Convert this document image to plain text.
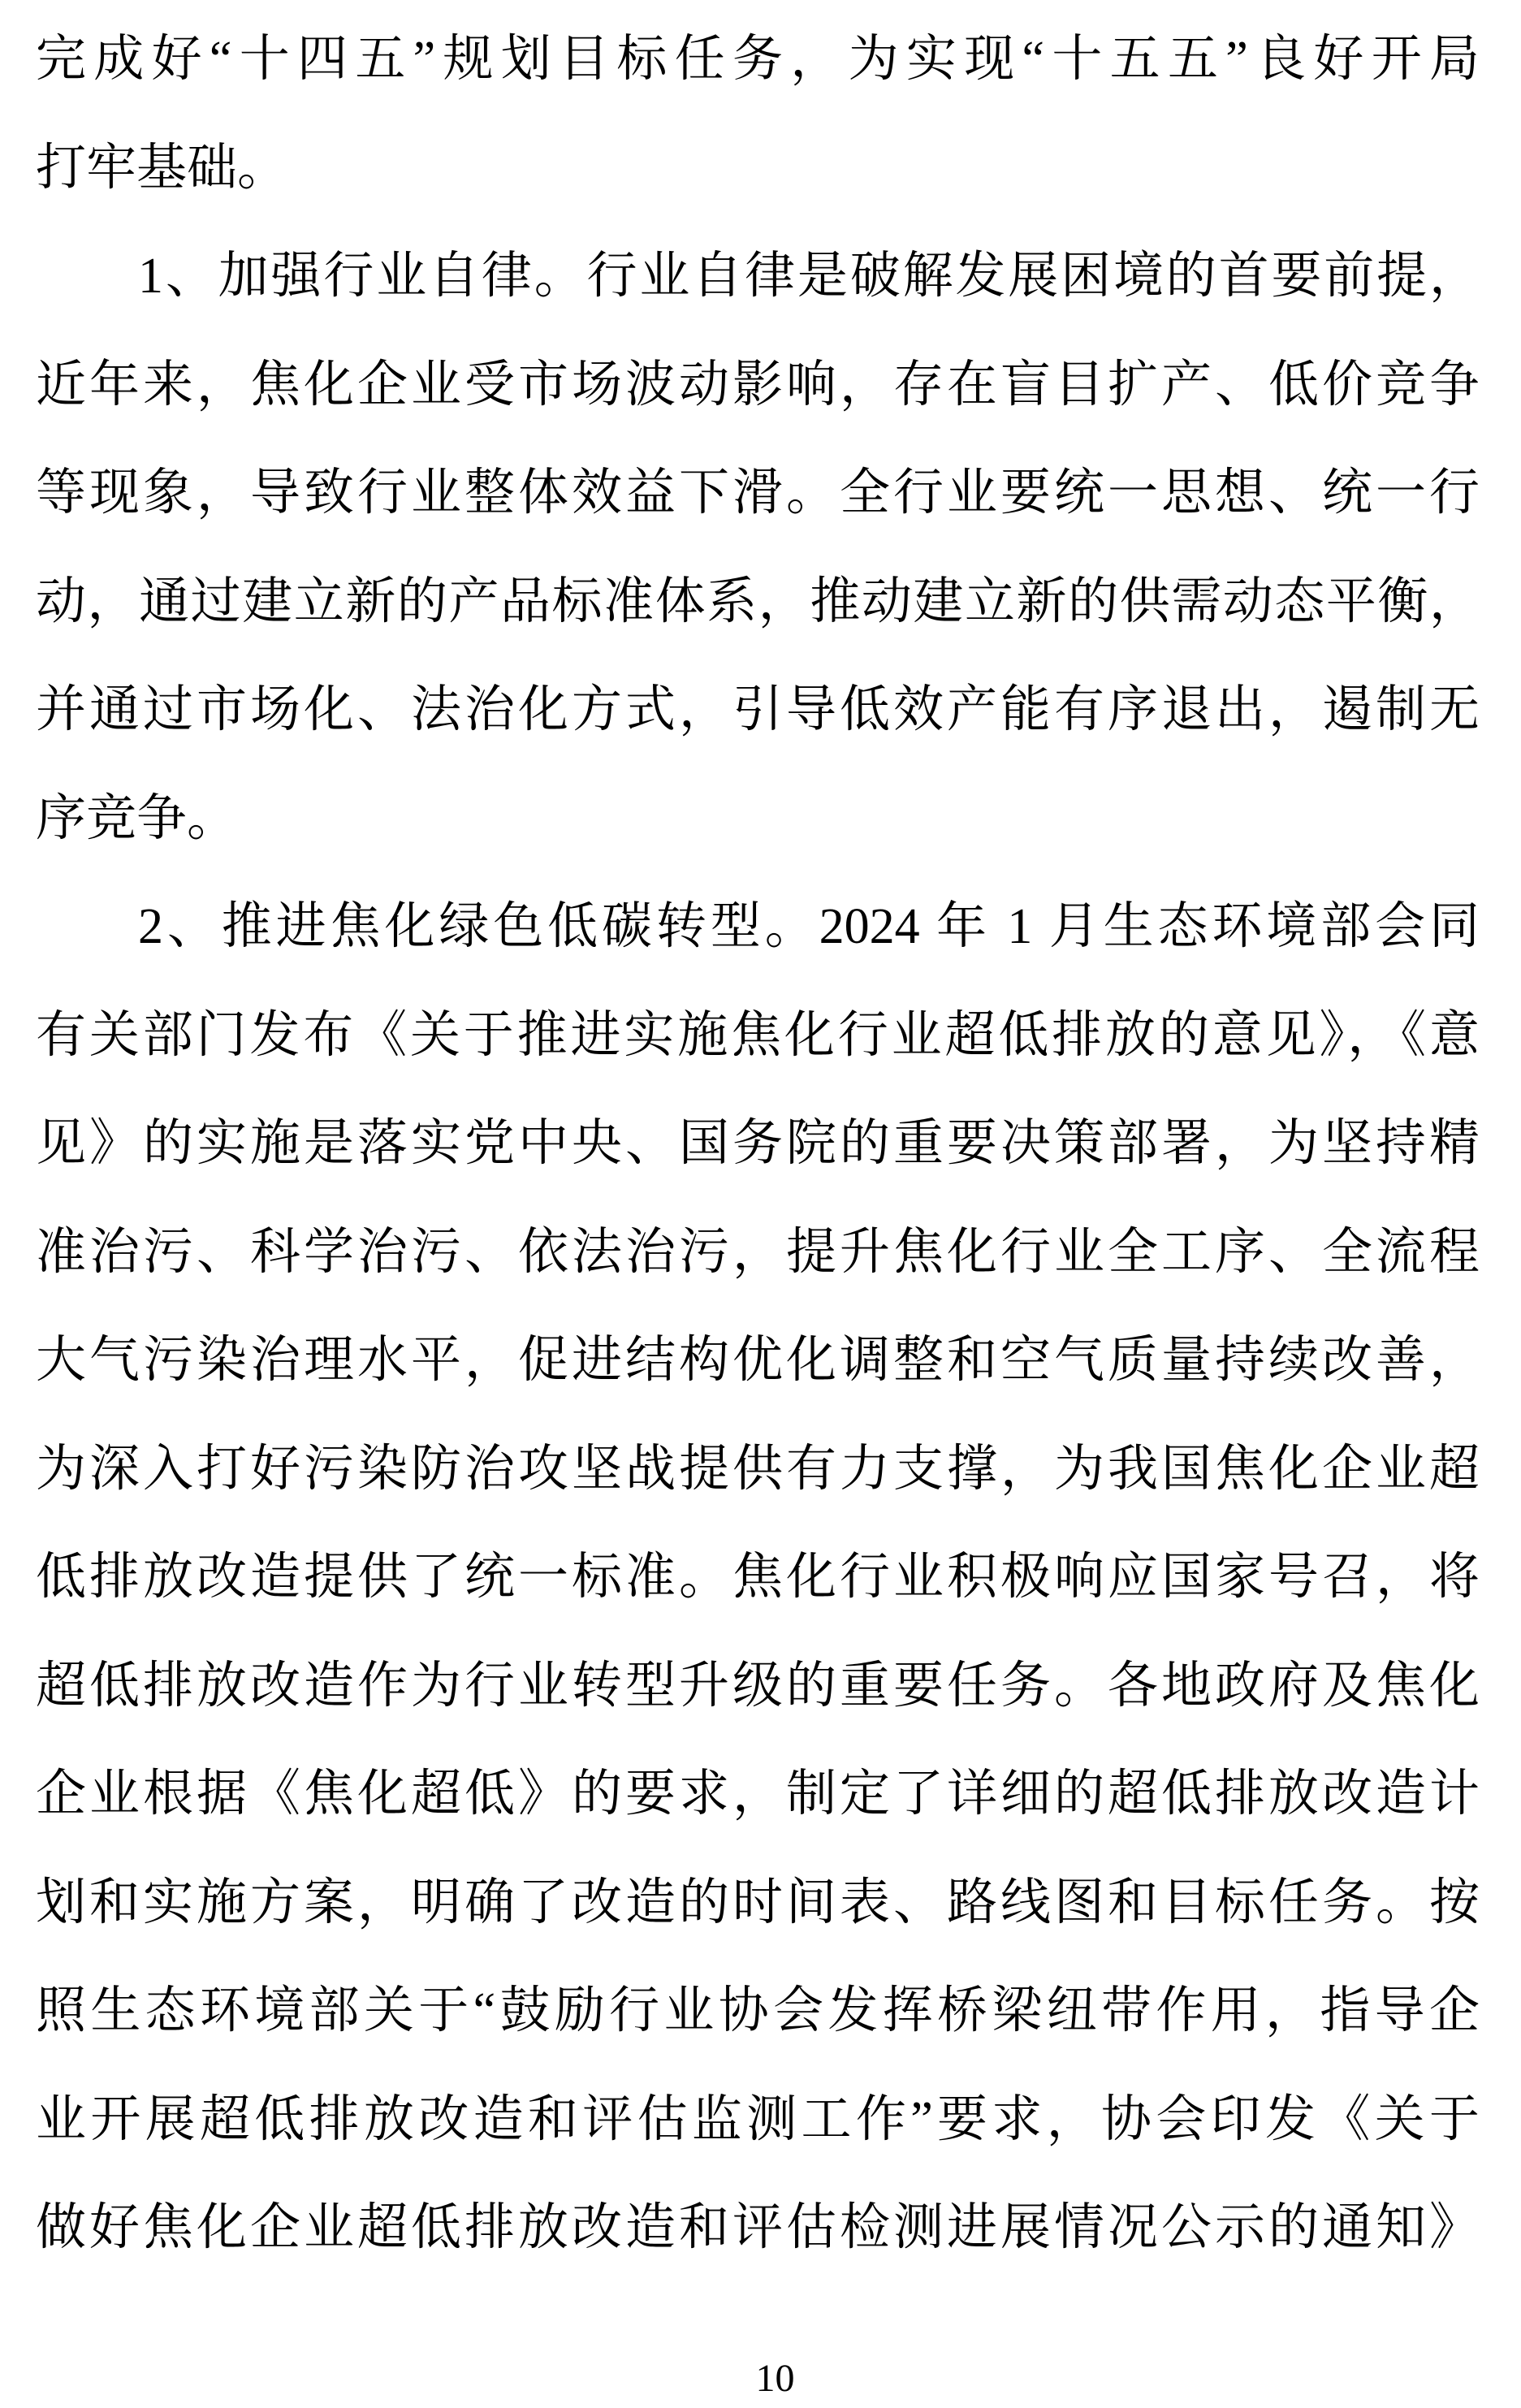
完成好“十四五”规划目标任务，为实现“十五五”良好开局
打牢基础。
1、加强行业自律。行业自律是破解发展困境的首要前提，
近年来，焦化企业受市场波动影响，存在盲目扩产、低价竞争
等现象，导致行业整体效益下滑。全行业要统一思想、统一行
动，通过建立新的产品标准体系，推动建立新的供需动态平衡，
并通过市场化、法治化方式，引导低效产能有序退出，遏制无
序竞争。
2、推进焦化绿色低碳转型。2024 年 1 月生态环境部会同
有关部门发布《关于推进实施焦化行业超低排放的意见》，《意
见》的实施是落实党中央、国务院的重要决策部署，为坚持精
准治污、科学治污、依法治污，提升焦化行业全工序、全流程
大气污染治理水平，促进结构优化调整和空气质量持续改善，
为深入打好污染防治攻坚战提供有力支撑，为我国焦化企业超
低排放改造提供了统一标准。焦化行业积极响应国家号召，将
超低排放改造作为行业转型升级的重要任务。各地政府及焦化
企业根据《焦化超低》的要求，制定了详细的超低排放改造计
划和实施方案，明确了改造的时间表、路线图和目标任务。按
照生态环境部关于“鼓励行业协会发挥桥梁纽带作用，指导企
业开展超低排放改造和评估监测工作”要求，协会印发《关于
做好焦化企业超低排放改造和评估检测进展情况公示的通知》
10
